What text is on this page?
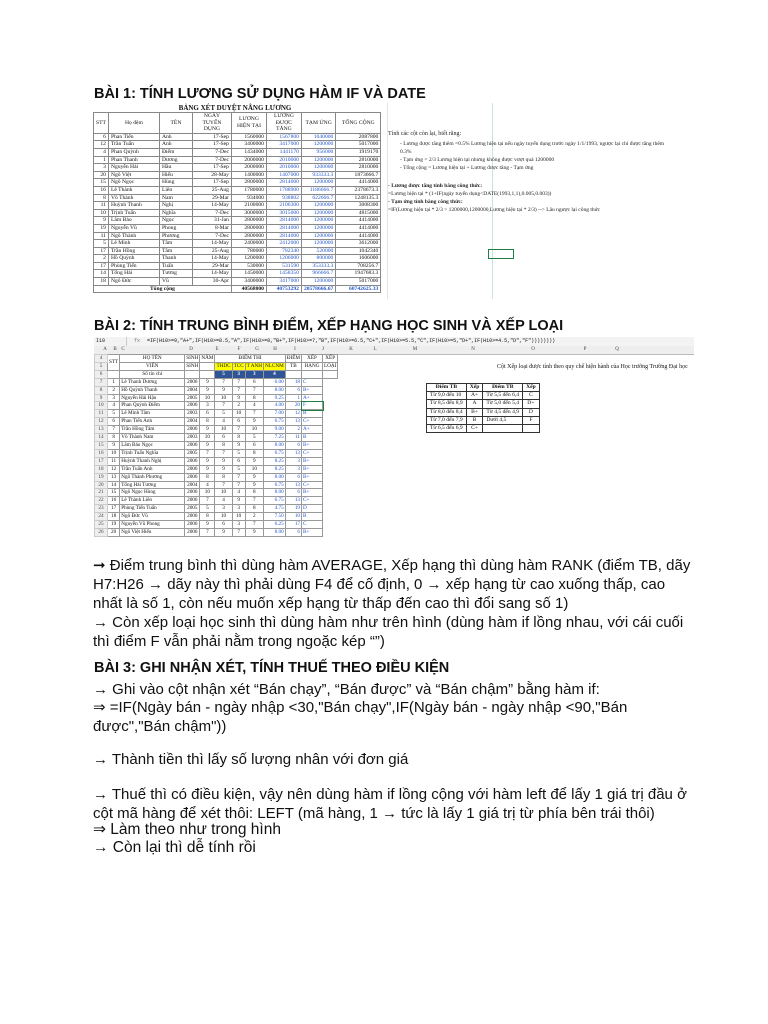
BÀI 1: TÍNH LƯƠNG SỬ DỤNG HÀM IF VÀ DATE
BẢNG XÉT DUYỆT NÂNG LƯƠNG
STT	Họ đệm	TÊN	NGÀY TUYỂN DỤNG	LƯƠNG HIỆN TẠI	LƯƠNG ĐƯỢC TĂNG	TẠM ỨNG	TỔNG CỘNG
6	Phan Tiến	Anh	17-Sep	1560000	1567800	1040000	2087800
12	Trần Tuấn	Anh	17-Sep	3400000	3417000	1200000	5017000
4	Phan Quỳnh	Điểm	7-Dec	1434000	1441170	956000	1919170
1	Phan Thanh	Dương	7-Dec	2000000	2010000	1200000	2810000
3	Nguyễn Hải	Hầu	17-Sep	2000000	2010000	1200000	2810000
20	Ngô Việt	Hiếu	28-May	1400000	1407000	933333.3	1873666.7
15	Ngô Ngọc	Hùng	17-Sep	2800000	2814000	1200000	4414000
16	Lê Thành	Liên	25-Aug	1780000	1788900	1186666.7	2378673.3
8	Võ Thành	Nam	29-Mar	934000	938802	622666.7	1248135.3
11	Huỳnh Thanh	Nghị	14-May	2100000	2106300	1200000	3008300
10	Trịnh Tuấn	Nghĩa	7-Dec	3000000	3015000	1200000	4815000
9	Lâm Bảo	Ngọc	31-Jan	2800000	2814000	1200000	4414000
19	Nguyễn Vũ	Phong	8-Mar	2800000	2814000	1200000	4414000
11	Ngô Thành	Phương	7-Dec	2800000	2814000	1200000	4414000
5	Lê Minh	Tâm	14-May	2400000	2412000	1200000	3612000
17	Trần Hồng	Tâm	25-Aug	780000	782340	520000	1042340
2	Hồ Quỳnh	Thanh	14-May	1200000	1206000	800000	1606000
17	Phùng Tiến	Tuấn	29-Mar	530000	531590	353333.3	708256.7
14	Tống Hải	Tương	14-May	1450000	1458350	966666.7	1947683.3
18	Ngô Đức	Vũ	30-Apr	3400000	3417000	1200000	5017000
Tổng cộng				40568000	40753292	20578666.67	60742625.33
Tính các cột còn lại, biết rằng:
- Lương được tăng thêm =0.5% Lương hiện tại nếu ngày tuyển dụng trước ngày 1/1/1993, ngược lại chỉ được tăng thêm 0.3%
- Tạm ứng = 2/3 Lương hiện tại nhưng không được vượt quá 1200000
- Tổng cộng = Lương hiện tại + Lương được tăng - Tạm ứng
- Lương được tăng tính bằng công thức:
=Lương hiện tại * (1+IF(ngày tuyển dụng<DATE(1993,1,1),0.005,0.003))
- Tạm ứng tính bằng công thức:
=IF(Lương hiện tại * 2/3 > 1200000,1200000,Lương hiện tại * 2/3) --> Lâu ngược lại công thức
BÀI 2: TÍNH TRUNG BÌNH ĐIỂM, XẾP HẠNG HỌC SINH VÀ XẾP LOẠI
I10	fx =IF(H10>=9,"A+",IF(H10>=8.5,"A",IF(H10>=8,"B+",IF(H10>=7,"B",IF(H10>=6.5,"C+",IF(H10>=5.5,"C",IF(H10>=5,"D+",IF(H10>=4.5,"D","F"))))))))
A	B C	D	E	F	G	H	I	J	K	L	M	N	O	P	Q
4	STT	HỌ TÊN	SINH	NĂM	ĐIỂM THI				ĐIỂM	XẾP	XẾP
5		VIÊN	SINH		THDC	TCC	T ANH	NLCNM	TB	HẠNG	LOẠI
6		Số tín chỉ			5	3	3	4			
7	1	Lê Thanh Dương	2006	9	7	7	6	6.00	18	C	
8	2	Hồ Quỳnh Thanh	2004	9	9	7	7	8.00	6	B+	
9	3	Nguyễn Hải Hậu	2005	10	10	9	8	9.25	1	A+	
10	4	Phan Quỳnh Điểm	2006	3	7	2	4	4.00	20	F	
11	5	Lê Minh Tâm	2003	6	5	10	7	7.00	12	B	
12	6	Phan Tiến Anh	2004	8	4	6	9	6.75	13	C+	
13	7	Trần Hồng Tâm	2006	9	10	7	10	9.00	2	A+	
14	8	Võ Thành Nam	2003	10	6	8	5	7.25	11	B	
15	9	Lâm Bảo Ngọc	2006	9	8	9	6	8.00	6	B+	
16	10	Trịnh Tuấn Nghĩa	2005	7	7	5	8	6.75	13	C+	
17	11	Huỳnh Thanh Nghị	2006	9	9	6	9	8.25	3	B+	
18	12	Trần Tuấn Anh	2006	9	9	5	10	8.25	3	B+	
19	13	Ngô Thành Phương	2006	8	8	7	9	8.00	6	B+	
20	14	Tống Hải Tương	2004	4	7	7	9	6.75	13	C+	
21	15	Ngô Ngọc Hùng	2006	10	10	4	8	8.00	6	B+	
22	16	Lê Thành Liên	2006	7	4	9	7	6.75	13	C+	
23	17	Phùng Tiến Tuấn	2005	5	3	3	8	4.75	19	D	
24	18	Ngô Đức Vũ	2006	8	10	10	2	7.50	10	B	
25	19	Nguyễn Vũ Phong	2006	9	6	3	7	6.25	17	C	
26	20	Ngô Việt Hiếu	2006	7	9	7	9	8.00	6	B+	
Cột Xếp loại được tính theo quy chế hiện hành của Học trường Trường Đại học
Điểm TB	Xếp	Điểm TB	Xếp
Từ 9,0 đến 10	A+	Từ 5,5 đến 6,4	C
Từ 8,5 đến 8,9	A	Từ 5,0 đến 5,4	D+
Từ 8,0 đến 8,4	B+	Từ 4,5 đến 4,9	D
Từ 7,0 đến 7,9	B	Dưới 4,5	F
Từ 6,5 đến 6,9	C+		
➞ Điểm trung bình thì dùng hàm AVERAGE, Xếp hạng thì dùng hàm RANK (điểm TB, dãy H7:H26 → dãy này thì phải dùng F4 để cố định, 0 → xếp hạng từ cao xuống thấp, cao nhất là số 1, còn nếu muốn xếp hạng từ thấp đến cao thì đổi sang số 1)
→ Còn xếp loại học sinh thì dùng hàm như trên hình (dùng hàm if lồng nhau, với cái cuối thì điểm F vẫn phải nằm trong ngoặc kép “”)
BÀI 3: GHI NHẬN XÉT, TÍNH THUẾ THEO ĐIỀU KIỆN
→ Ghi vào cột nhận xét “Bán chạy”, “Bán được” và “Bán chậm” bằng hàm if:
⇒ =IF(Ngày bán - ngày nhập <30,"Bán chạy",IF(Ngày bán - ngày nhập <90,"Bán được","Bán chậm"))
→ Thành tiền thì lấy số lượng nhân với đơn giá
→ Thuế thì có điều kiện, vậy nên dùng hàm if lồng cộng với hàm left để lấy 1 giá trị đầu ở cột mã hàng để xét thôi: LEFT (mã hàng, 1 → tức là lấy 1 giá trị từ phía bên trái thôi)
⇒ Làm theo như trong hình
→ Còn lại thì dễ tính rồi
